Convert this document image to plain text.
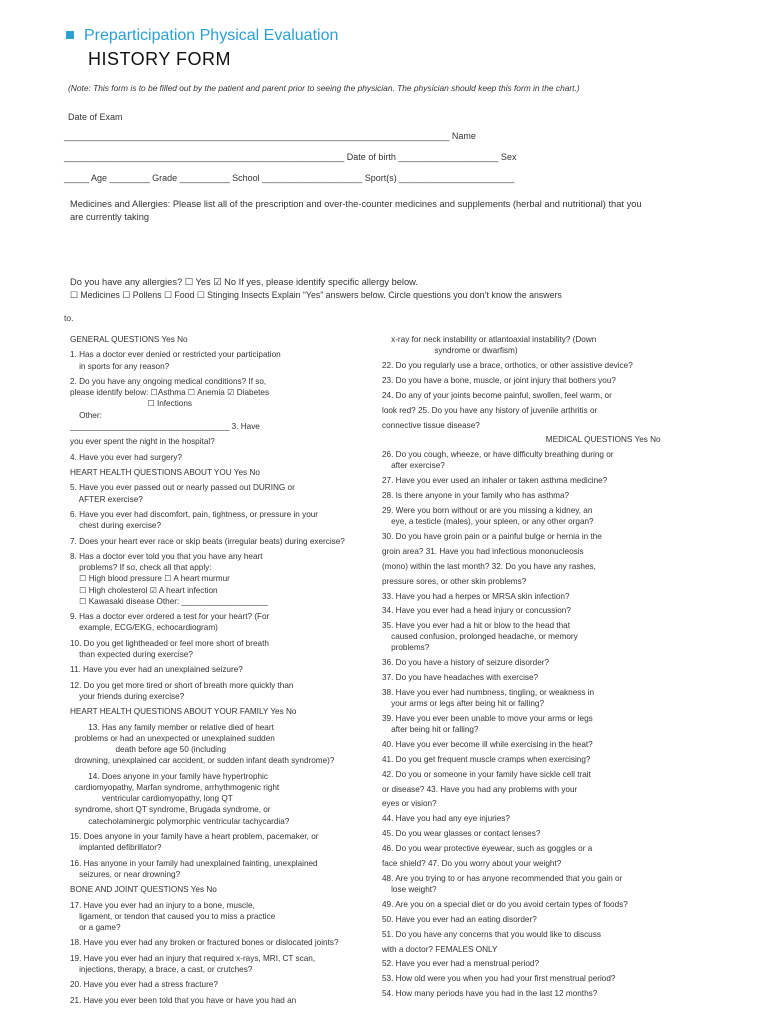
Preparticipation Physical Evaluation
HISTORY FORM
(Note: This form is to be filled out by the patient and parent prior to seeing the physician. The physician should keep this form in the chart.)
Date of Exam
_____________________________________________________________________________ Name
________________________________________________________ Date of birth ____________________ Sex
_____ Age ________ Grade __________ School ____________________ Sport(s) _______________________
Medicines and Allergies: Please list all of the prescription and over-the-counter medicines and supplements (herbal and nutritional) that you
are currently taking
Do you have any allergies? ☐ Yes ☑ No If yes, please identify specific allergy below.
☐ Medicines ☐ Pollens ☐ Food ☐ Stinging Insects Explain “Yes” answers below. Circle questions you don’t know the answers
to.
GENERAL QUESTIONS Yes No
1. Has a doctor ever denied or restricted your participation
in sports for any reason?
2. Do you have any ongoing medical conditions? If so,
please identify below: ☐Asthma ☐ Anemia ☑ Diabetes
☐ Infections
Other:
___________________________________ 3. Have
you ever spent the night in the hospital?
4. Have you ever had surgery?
HEART HEALTH QUESTIONS ABOUT YOU Yes No
5. Have you ever passed out or nearly passed out DURING or
AFTER exercise?
6. Have you ever had discomfort, pain, tightness, or pressure in your
chest during exercise?
7. Does your heart ever race or skip beats (irregular beats) during exercise?
8. Has a doctor ever told you that you have any heart
problems? If so, check all that apply:
☐ High blood pressure ☐ A heart murmur
☐ High cholesterol ☑ A heart infection
☐ Kawasaki disease Other: ___________________
9. Has a doctor ever ordered a test for your heart? (For
example, ECG/EKG, echocardiogram)
10. Do you get lightheaded or feel more short of breath
than expected during exercise?
11. Have you ever had an unexplained seizure?
12. Do you get more tired or short of breath more quickly than
your friends during exercise?
HEART HEALTH QUESTIONS ABOUT YOUR FAMILY Yes No
13. Has any family member or relative died of heart
problems or had an unexpected or unexplained sudden
death before age 50 (including
drowning, unexplained car accident, or sudden infant death syndrome)?
14. Does anyone in your family have hypertrophic
cardiomyopathy, Marfan syndrome, arrhythmogenic right
ventricular cardiomyopathy, long QT
syndrome, short QT syndrome, Brugada syndrome, or
catecholaminergic polymorphic ventricular tachycardia?
15. Does anyone in your family have a heart problem, pacemaker, or
implanted defibrillator?
16. Has anyone in your family had unexplained fainting, unexplained
seizures, or near drowning?
BONE AND JOINT QUESTIONS Yes No
17. Have you ever had an injury to a bone, muscle,
ligament, or tendon that caused you to miss a practice
or a game?
18. Have you ever had any broken or fractured bones or dislocated joints?
19. Have you ever had an injury that required x-rays, MRI, CT scan,
injections, therapy, a brace, a cast, or crutches?
20. Have you ever had a stress fracture?
21. Have you ever been told that you have or have you had an
x-ray for neck instability or atlantoaxial instability? (Down
syndrome or dwarfism)
22. Do you regularly use a brace, orthotics, or other assistive device?
23. Do you have a bone, muscle, or joint injury that bothers you?
24. Do any of your joints become painful, swollen, feel warm, or
look red? 25. Do you have any history of juvenile arthritis or
connective tissue disease?
MEDICAL QUESTIONS Yes No
26. Do you cough, wheeze, or have difficulty breathing during or
after exercise?
27. Have you ever used an inhaler or taken asthma medicine?
28. Is there anyone in your family who has asthma?
29. Were you born without or are you missing a kidney, an
eye, a testicle (males), your spleen, or any other organ?
30. Do you have groin pain or a painful bulge or hernia in the
groin area? 31. Have you had infectious mononucleosis
(mono) within the last month? 32. Do you have any rashes,
pressure sores, or other skin problems?
33. Have you had a herpes or MRSA skin infection?
34. Have you ever had a head injury or concussion?
35. Have you ever had a hit or blow to the head that
caused confusion, prolonged headache, or memory
problems?
36. Do you have a history of seizure disorder?
37. Do you have headaches with exercise?
38. Have you ever had numbness, tingling, or weakness in
your arms or legs after being hit or falling?
39. Have you ever been unable to move your arms or legs
after being hit or falling?
40. Have you ever become ill while exercising in the heat?
41. Do you get frequent muscle cramps when exercising?
42. Do you or someone in your family have sickle cell trait
or disease? 43. Have you had any problems with your
eyes or vision?
44. Have you had any eye injuries?
45. Do you wear glasses or contact lenses?
46. Do you wear protective eyewear, such as goggles or a
face shield? 47. Do you worry about your weight?
48. Are you trying to or has anyone recommended that you gain or
lose weight?
49. Are you on a special diet or do you avoid certain types of foods?
50. Have you ever had an eating disorder?
51. Do you have any concerns that you would like to discuss
with a doctor? FEMALES ONLY
52. Have you ever had a menstrual period?
53. How old were you when you had your first menstrual period?
54. How many periods have you had in the last 12 months?
